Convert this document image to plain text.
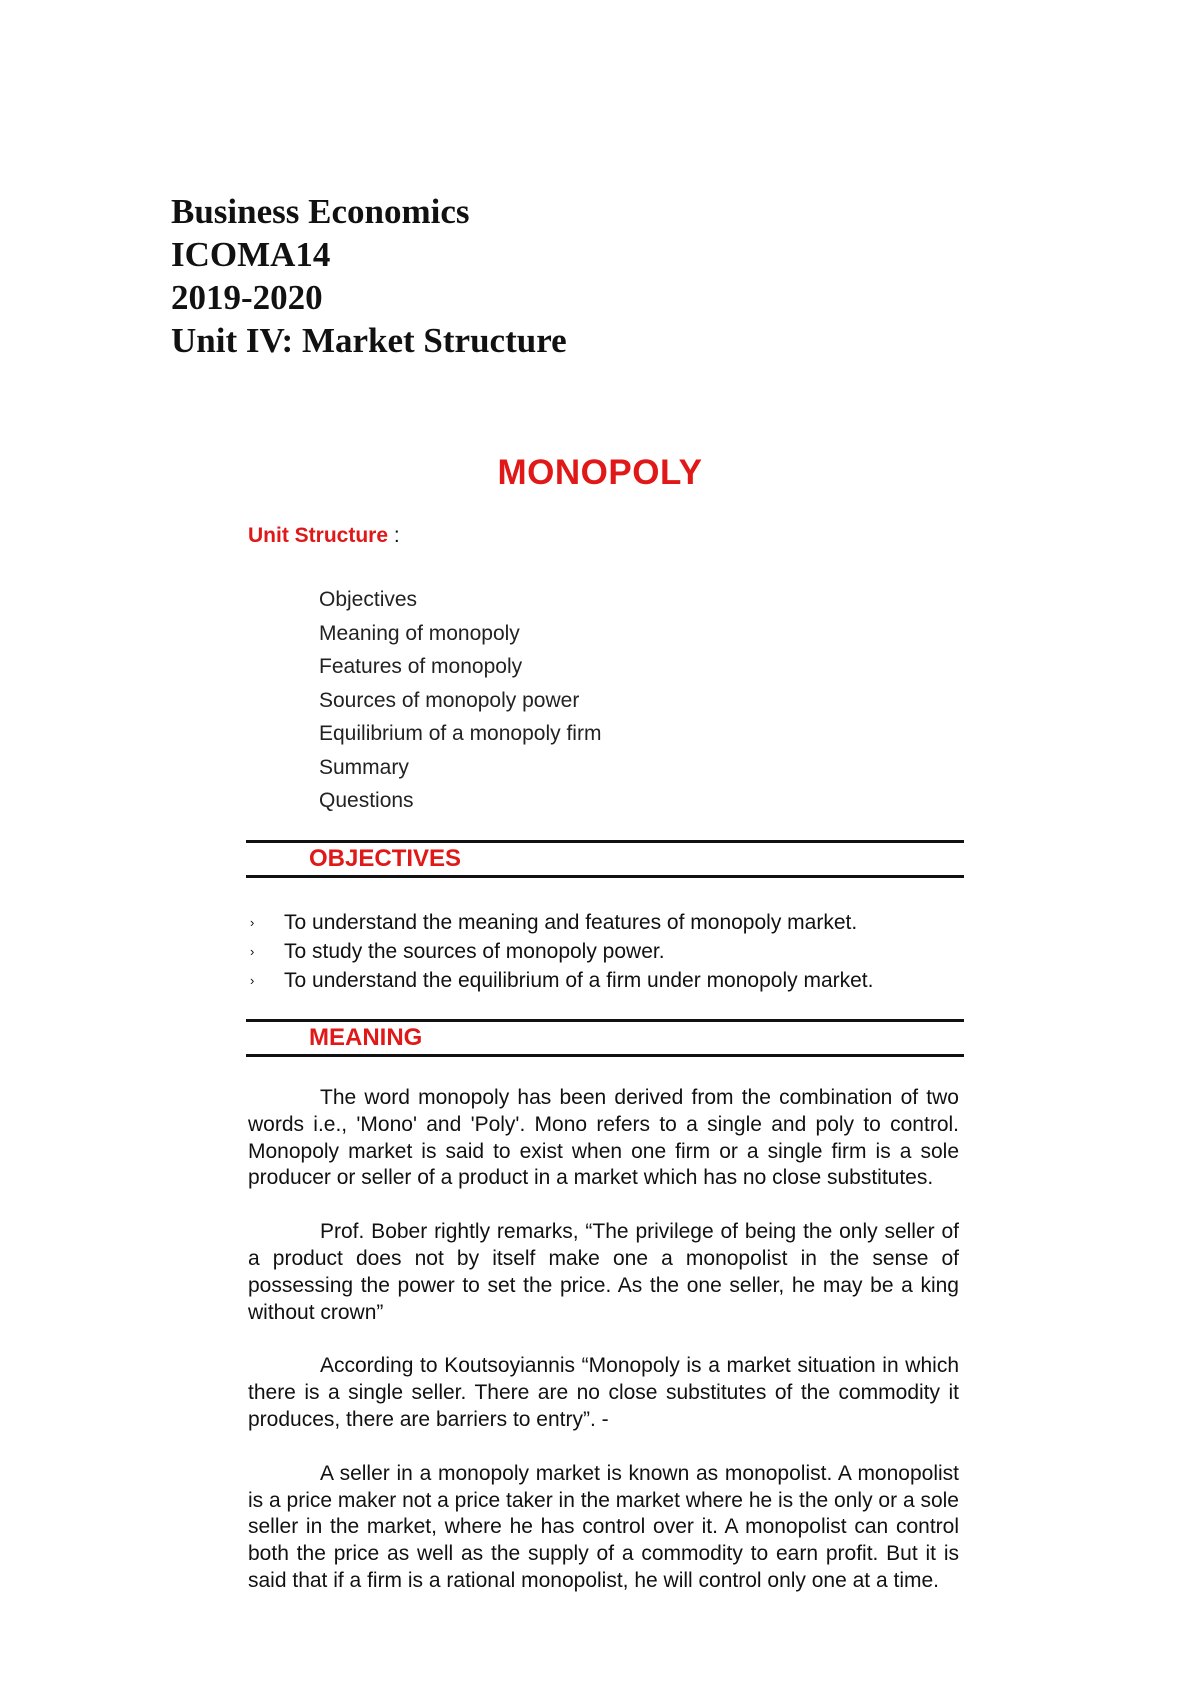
Business Economics
ICOMA14
2019-2020
Unit IV: Market Structure
MONOPOLY
Unit Structure :
Objectives
Meaning of monopoly
Features of monopoly
Sources of monopoly power
Equilibrium of a monopoly firm
Summary
Questions
OBJECTIVES
› To understand the meaning and features of monopoly market.
› To study the sources of monopoly power.
› To understand the equilibrium of a firm under monopoly market.
MEANING

The word monopoly has been derived from the combination of two words i.e., 'Mono' and 'Poly'. Mono refers to a single and poly to control. Monopoly market is said to exist when one firm or a single firm is a sole producer or seller of a product in a market which has no close substitutes.

Prof. Bober rightly remarks, “The privilege of being the only seller of a product does not by itself make one a monopolist in the sense of possessing the power to set the price. As the one seller, he may be a king without crown”

According to Koutsoyiannis “Monopoly is a market situation in which there is a single seller. There are no close substitutes of the commodity it produces, there are barriers to entry”. -

A seller in a monopoly market is known as monopolist. A monopolist is a price maker not a price taker in the market where he is the only or a sole seller in the market, where he has control over it. A monopolist can control both the price as well as the supply of a commodity to earn profit. But it is said that if a firm is a rational monopolist, he will control only one at a time.
